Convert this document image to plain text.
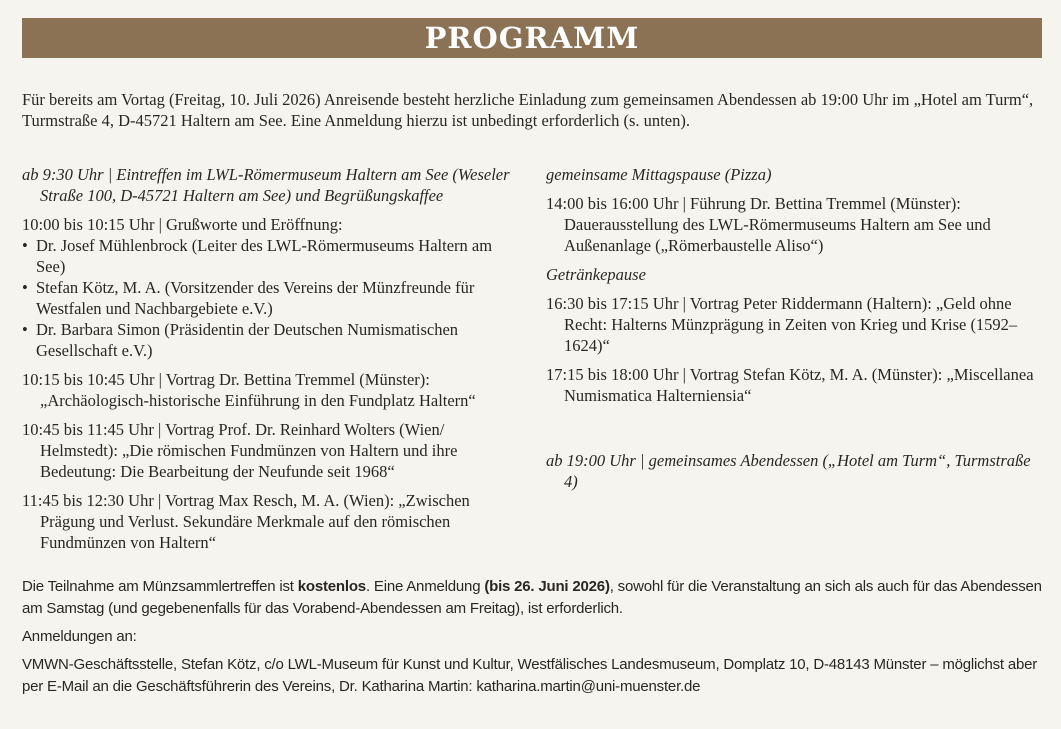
PROGRAMM
Für bereits am Vortag (Freitag, 10. Juli 2026) Anreisende besteht herzliche Einladung zum gemeinsamen Abendessen ab 19:00 Uhr im „Hotel am Turm“, Turmstraße 4, D-45721 Haltern am See. Eine Anmeldung hierzu ist unbedingt erforderlich (s. unten).
ab 9:30 Uhr | Eintreffen im LWL-Römermuseum Haltern am See (Weseler Straße 100, D-45721 Haltern am See) und Begrüßungskaffee
10:00 bis 10:15 Uhr | Grußworte und Eröffnung:
• Dr. Josef Mühlenbrock (Leiter des LWL-Römermuseums Haltern am See)
• Stefan Kötz, M. A. (Vorsitzender des Vereins der Münzfreunde für Westfalen und Nachbargebiete e.V.)
• Dr. Barbara Simon (Präsidentin der Deutschen Numismatischen Gesellschaft e.V.)
10:15 bis 10:45 Uhr | Vortrag Dr. Bettina Tremmel (Münster): „Archäologisch-historische Einführung in den Fundplatz Haltern“
10:45 bis 11:45 Uhr | Vortrag Prof. Dr. Reinhard Wolters (Wien/ Helmstedt): „Die römischen Fundmünzen von Haltern und ihre Bedeutung: Die Bearbeitung der Neufunde seit 1968“
11:45 bis 12:30 Uhr | Vortrag Max Resch, M. A. (Wien): „Zwischen Prägung und Verlust. Sekundäre Merkmale auf den römischen Fundmünzen von Haltern“
gemeinsame Mittagspause (Pizza)
14:00 bis 16:00 Uhr | Führung Dr. Bettina Tremmel (Münster): Dauerausstellung des LWL-Römermuseums Haltern am See und Außenanlage („Römerbaustelle Aliso“)
Getränkepause
16:30 bis 17:15 Uhr | Vortrag Peter Riddermann (Haltern): „Geld ohne Recht: Halterns Münzprägung in Zeiten von Krieg und Krise (1592–1624)“
17:15 bis 18:00 Uhr | Vortrag Stefan Kötz, M. A. (Münster): „Miscellanea Numismatica Halterniensia“
ab 19:00 Uhr | gemeinsames Abendessen („Hotel am Turm“, Turmstraße 4)

Die Teilnahme am Münzsammlertreffen ist kostenlos. Eine Anmeldung (bis 26. Juni 2026), sowohl für die Veranstaltung an sich als auch für das Abendessen am Samstag (und gegebenenfalls für das Vorabend-Abendessen am Freitag), ist erforderlich.

Anmeldungen an:

VMWN-Geschäftsstelle, Stefan Kötz, c/o LWL-Museum für Kunst und Kultur, Westfälisches Landesmuseum, Domplatz 10, D-48143 Münster – möglichst aber per E-Mail an die Geschäftsführerin des Vereins, Dr. Katharina Martin: katharina.martin@uni-muenster.de
